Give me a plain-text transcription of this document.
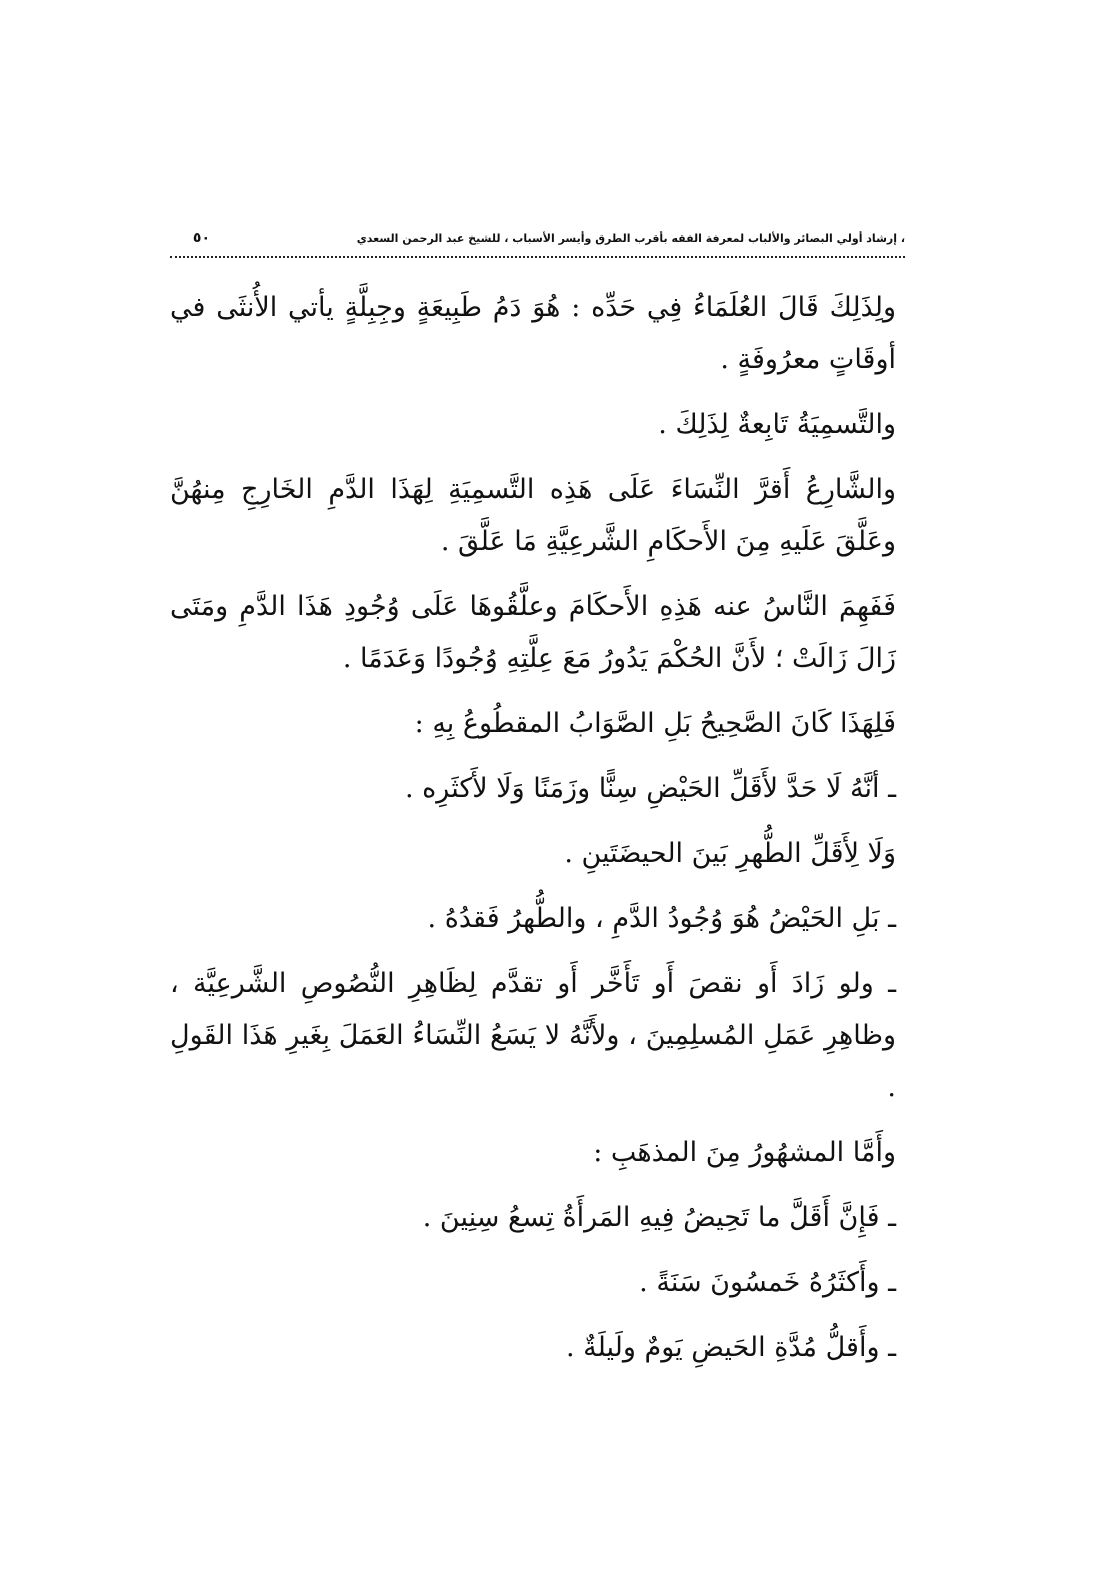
، إرشاد أولي البصائر والألباب لمعرفة الفقه بأقرب الطرق وأيسر الأسباب ، للشيخ عبد الرحمن السعدي
٥٠

ولِذَلِكَ قَالَ العُلَمَاءُ فِي حَدِّه : هُوَ دَمُ طَبِيعَةٍ وجِبِلَّةٍ يأتي الأُنثَى في أوقَاتٍ معرُوفَةٍ .

والتَّسمِيَةُ تَابِعةٌ لِذَلِكَ .

والشَّارِعُ أَقرَّ النِّسَاءَ عَلَى هَذِه التَّسمِيَةِ لِهَذَا الدَّمِ الخَارِجِ مِنهُنَّ وعَلَّقَ عَلَيهِ مِنَ الأَحكَامِ الشَّرعِيَّةِ مَا عَلَّقَ .

فَفَهِمَ النَّاسُ عنه هَذِهِ الأَحكَامَ وعلَّقُوهَا عَلَى وُجُودِ هَذَا الدَّمِ ومَتَى زَالَ زَالَتْ ؛ لأَنَّ الحُكْمَ يَدُورُ مَعَ عِلَّتِهِ وُجُودًا وَعَدَمًا .

فَلِهَذَا كَانَ الصَّحِيحُ بَلِ الصَّوَابُ المقطُوعُ بِهِ :

ـ أنَّهُ لَا حَدَّ لأَقَلِّ الحَيْضِ سِنًّا وزَمَنًا وَلَا لأَكثَرِه .

وَلَا لِأَقَلِّ الطُّهرِ بَينَ الحيضَتَينِ .

ـ بَلِ الحَيْضُ هُوَ وُجُودُ الدَّمِ ، والطُّهرُ فَقدُهُ .

ـ ولو زَادَ أَو نقصَ أَو تَأَخَّر أَو تقدَّم لِظَاهِرِ النُّصُوصِ الشَّرعِيَّة ، وظاهِرِ عَمَلِ المُسلِمِينَ ، ولأَنَّهُ لا يَسَعُ النِّسَاءُ العَمَلَ بِغَيرِ هَذَا القَولِ .

وأَمَّا المشهُورُ مِنَ المذهَبِ :

ـ فَإِنَّ أَقَلَّ ما تَحِيضُ فِيهِ المَرأَةُ تِسعُ سِنِينَ .

ـ وأَكثَرُهُ خَمسُونَ سَنَةً .

ـ وأَقلُّ مُدَّةِ الحَيضِ يَومٌ ولَيلَةٌ .
